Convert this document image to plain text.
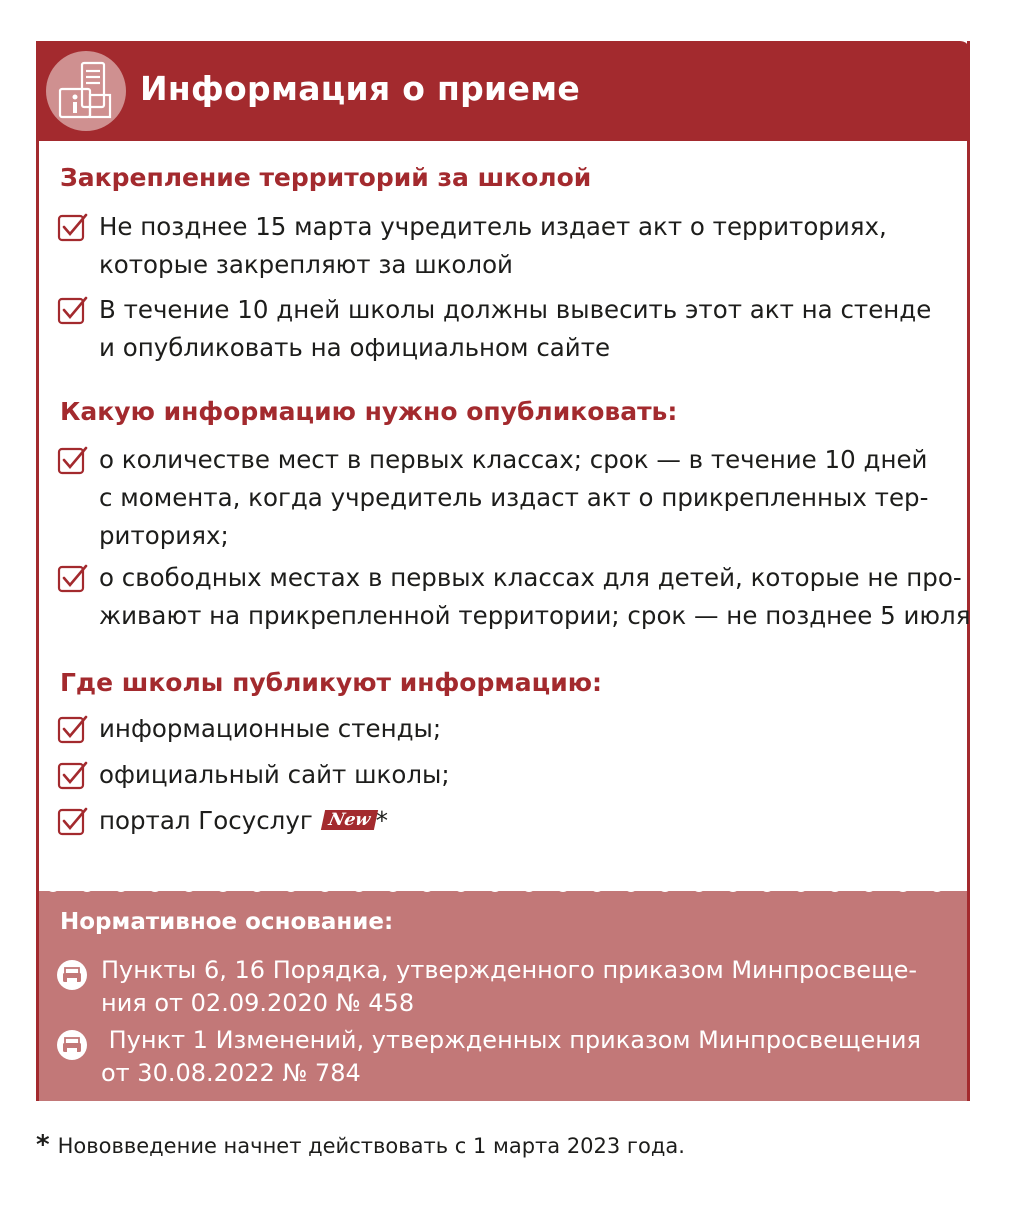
Информация о приеме
Закрепление территорий за школой
Не позднее 15 марта учредитель издает акт о территориях,
которые закрепляют за школой
В течение 10 дней школы должны вывесить этот акт на стенде
и опубликовать на официальном сайте
Какую информацию нужно опубликовать:
о количестве мест в первых классах; срок — в течение 10 дней
с момента, когда учредитель издаст акт о прикрепленных тер-
риториях;
о свободных местах в первых классах для детей, которые не про-
живают на прикрепленной территории; срок — не позднее 5 июля
Где школы публикуют информацию:
информационные стенды;
официальный сайт школы;
портал Госуслуг New *
Нормативное основание:
Пункты 6, 16 Порядка, утвержденного приказом Минпросвеще-
ния от 02.09.2020 № 458
Пункт 1 Изменений, утвержденных приказом Минпросвещения
от 30.08.2022 № 784
* Нововведение начнет действовать с 1 марта 2023 года.
